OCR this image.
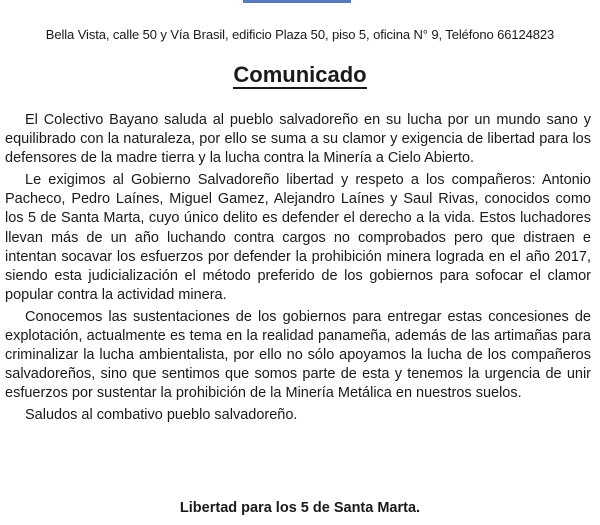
Bella Vista, calle 50 y Vía Brasil, edificio Plaza 50, piso 5, oficina N° 9, Teléfono 66124823
Comunicado

El Colectivo Bayano saluda al pueblo salvadoreño en su lucha por un mundo sano y equilibrado con la naturaleza, por ello se suma a su clamor y exigencia de libertad para los defensores de la madre tierra y la lucha contra la Minería a Cielo Abierto.

Le exigimos al Gobierno Salvadoreño libertad y respeto a los compañeros: Antonio Pacheco, Pedro Laínes, Miguel Gamez, Alejandro Laínes y Saul Rivas, conocidos como los 5 de Santa Marta, cuyo único delito es defender el derecho a la vida. Estos luchadores llevan más de un año luchando contra cargos no comprobados pero que distraen e intentan socavar los esfuerzos por defender la prohibición minera lograda en el año 2017, siendo esta judicialización el método preferido de los gobiernos para sofocar el clamor popular contra la actividad minera.

Conocemos las sustentaciones de los gobiernos para entregar estas concesiones de explotación, actualmente es tema en la realidad panameña, además de las artimañas para criminalizar la lucha ambientalista, por ello no sólo apoyamos la lucha de los compañeros salvadoreños, sino que sentimos que somos parte de esta y tenemos la urgencia de unir esfuerzos por sustentar la prohibición de la Minería Metálica en nuestros suelos.

Saludos al combativo pueblo salvadoreño.

Libertad para los 5 de Santa Marta.
